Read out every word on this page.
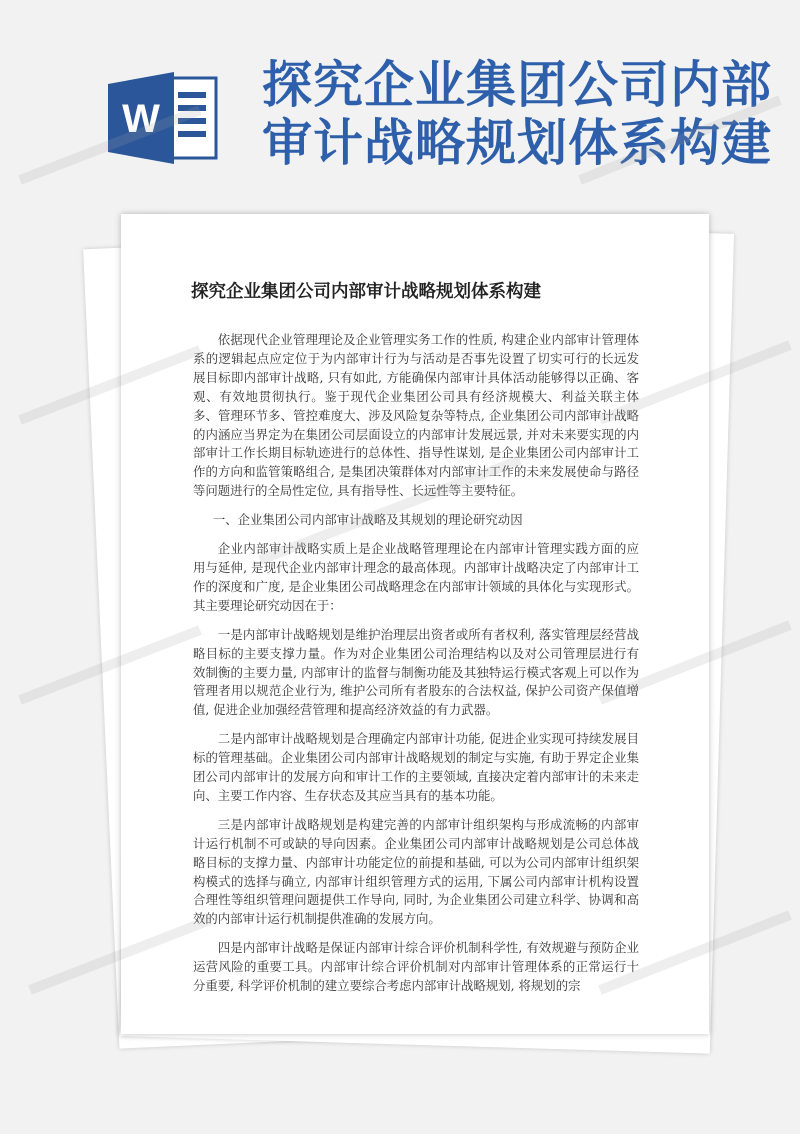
W
探究企业集团公司内部
审计战略规划体系构建
探究企业集团公司内部审计战略规划体系构建

依据现代企业管理理论及企业管理实务工作的性质, 构建企业内部审计管理体系的逻辑起点应定位于为内部审计行为与活动是否事先设置了切实可行的长远发展目标即内部审计战略, 只有如此, 方能确保内部审计具体活动能够得以正确、客观、有效地贯彻执行。鉴于现代企业集团公司具有经济规模大、利益关联主体多、管理环节多、管控难度大、涉及风险复杂等特点, 企业集团公司内部审计战略的内涵应当界定为在集团公司层面设立的内部审计发展远景, 并对未来要实现的内部审计工作长期目标轨迹进行的总体性、指导性谋划, 是企业集团公司内部审计工作的方向和监管策略组合, 是集团决策群体对内部审计工作的未来发展使命与路径等问题进行的全局性定位, 具有指导性、长远性等主要特征。

一、企业集团公司内部审计战略及其规划的理论研究动因

企业内部审计战略实质上是企业战略管理理论在内部审计管理实践方面的应用与延伸, 是现代企业内部审计理念的最高体现。内部审计战略决定了内部审计工作的深度和广度, 是企业集团公司战略理念在内部审计领域的具体化与实现形式。其主要理论研究动因在于：

一是内部审计战略规划是维护治理层出资者或所有者权利, 落实管理层经营战略目标的主要支撑力量。作为对企业集团公司治理结构以及对公司管理层进行有效制衡的主要力量, 内部审计的监督与制衡功能及其独特运行模式客观上可以作为管理者用以规范企业行为, 维护公司所有者股东的合法权益, 保护公司资产保值增值, 促进企业加强经营管理和提高经济效益的有力武器。

二是内部审计战略规划是合理确定内部审计功能, 促进企业实现可持续发展目标的管理基础。企业集团公司内部审计战略规划的制定与实施, 有助于界定企业集团公司内部审计的发展方向和审计工作的主要领域, 直接决定着内部审计的未来走向、主要工作内容、生存状态及其应当具有的基本功能。

三是内部审计战略规划是构建完善的内部审计组织架构与形成流畅的内部审计运行机制不可或缺的导向因素。企业集团公司内部审计战略规划是公司总体战略目标的支撑力量、内部审计功能定位的前提和基础, 可以为公司内部审计组织架构模式的选择与确立, 内部审计组织管理方式的运用, 下属公司内部审计机构设置合理性等组织管理问题提供工作导向, 同时, 为企业集团公司建立科学、协调和高效的内部审计运行机制提供准确的发展方向。

四是内部审计战略是保证内部审计综合评价机制科学性, 有效规避与预防企业运营风险的重要工具。内部审计综合评价机制对内部审计管理体系的正常运行十分重要, 科学评价机制的建立要综合考虑内部审计战略规划, 将规划的宗
